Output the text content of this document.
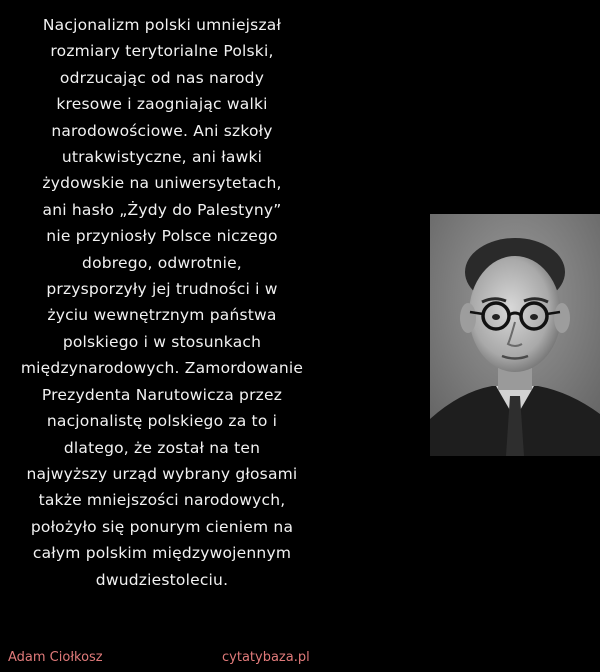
Nacjonalizm polski umniejszał
rozmiary terytorialne Polski,
odrzucając od nas narody
kresowe i zaogniając walki
narodowościowe. Ani szkoły
utrakwistyczne, ani ławki
żydowskie na uniwersytetach,
ani hasło „Żydy do Palestyny”
nie przyniosły Polsce niczego
dobrego, odwrotnie,
przysporzyły jej trudności i w
życiu wewnętrznym państwa
polskiego i w stosunkach
międzynarodowych. Zamordowanie
Prezydenta Narutowicza przez
nacjonalistę polskiego za to i
dlatego, że został na ten
najwyższy urząd wybrany głosami
także mniejszości narodowych,
położyło się ponurym cieniem na
całym polskim międzywojennym
dwudziestoleciu.
Adam Ciołkosz	cytatybaza.pl
